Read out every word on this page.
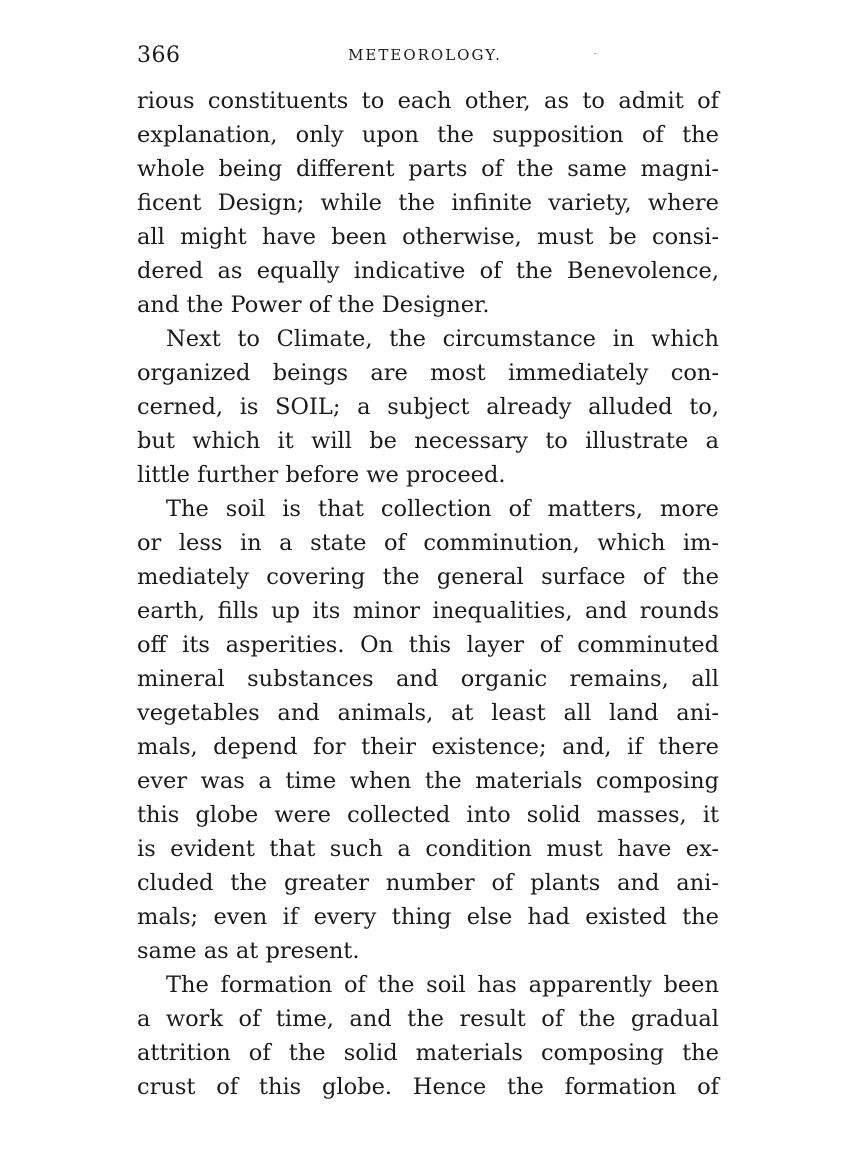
366	METEOROLOGY.
rious constituents to each other, as to admit of
explanation, only upon the supposition of the
whole being different parts of the same magni-
ficent Design; while the infinite variety, where
all might have been otherwise, must be consi-
dered as equally indicative of the Benevolence,
and the Power of the Designer.
Next to Climate, the circumstance in which
organized beings are most immediately con-
cerned, is SOIL; a subject already alluded to,
but which it will be necessary to illustrate a
little further before we proceed.
The soil is that collection of matters, more
or less in a state of comminution, which im-
mediately covering the general surface of the
earth, fills up its minor inequalities, and rounds
off its asperities. On this layer of comminuted
mineral substances and organic remains, all
vegetables and animals, at least all land ani-
mals, depend for their existence; and, if there
ever was a time when the materials composing
this globe were collected into solid masses, it
is evident that such a condition must have ex-
cluded the greater number of plants and ani-
mals; even if every thing else had existed the
same as at present.
The formation of the soil has apparently been
a work of time, and the result of the gradual
attrition of the solid materials composing the
crust of this globe. Hence the formation of
